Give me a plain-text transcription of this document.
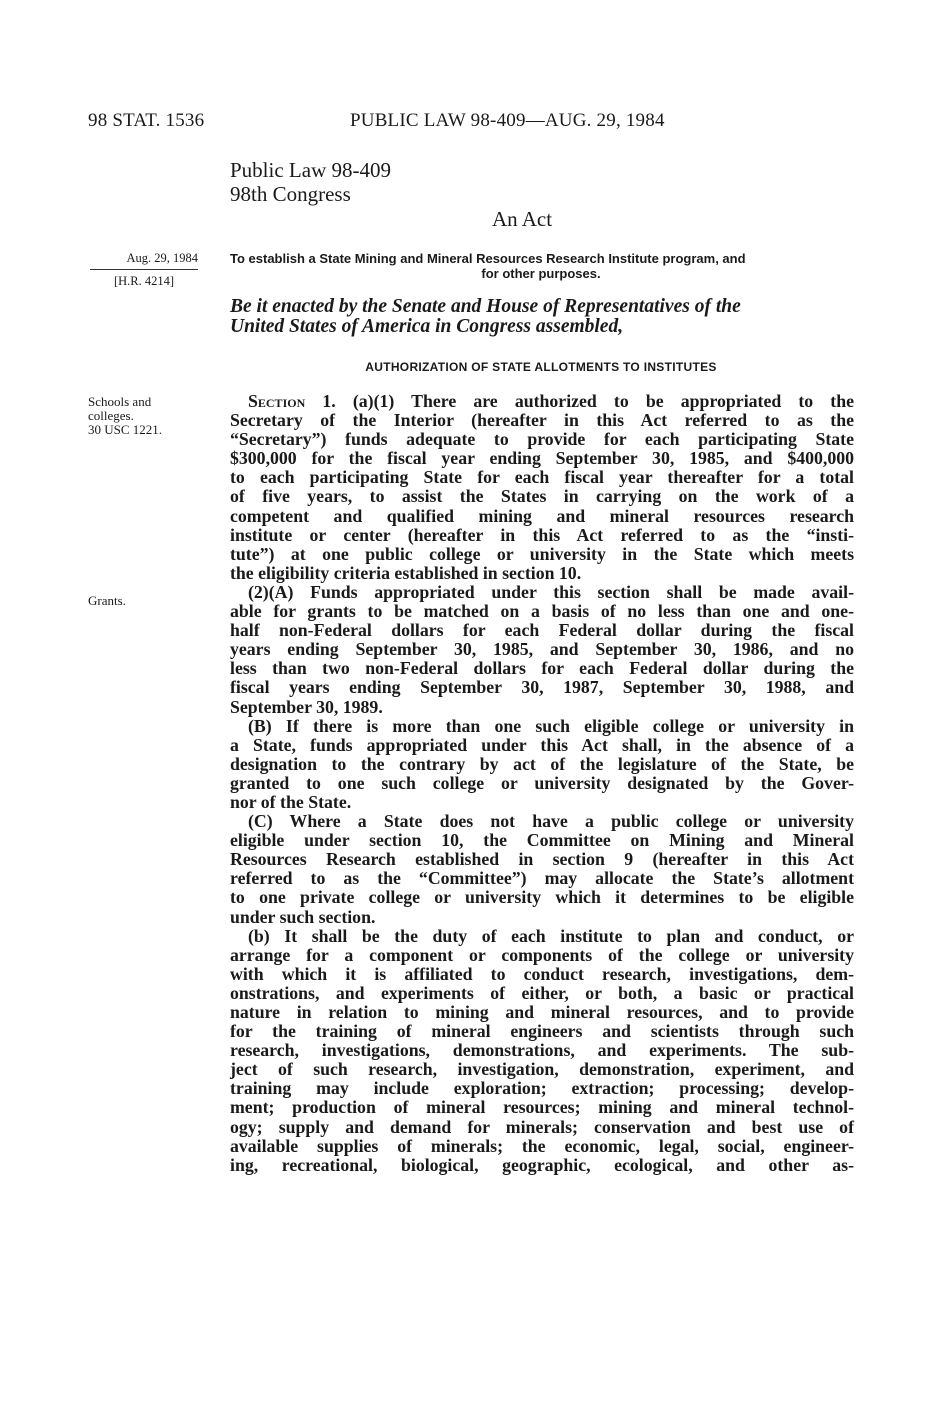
98 STAT. 1536	PUBLIC LAW 98-409—AUG. 29, 1984
Public Law 98-409
98th Congress
An Act
Aug. 29, 1984
[H.R. 4214]
To establish a State Mining and Mineral Resources Research Institute program, and
for other purposes.
Be it enacted by the Senate and House of Representatives of the
United States of America in Congress assembled,
AUTHORIZATION OF STATE ALLOTMENTS TO INSTITUTES
Schools and
colleges.
30 USC 1221.
Grants.
Section 1. (a)(1) There are authorized to be appropriated to the
Secretary of the Interior (hereafter in this Act referred to as the
“Secretary”) funds adequate to provide for each participating State
$300,000 for the fiscal year ending September 30, 1985, and $400,000
to each participating State for each fiscal year thereafter for a total
of five years, to assist the States in carrying on the work of a
competent and qualified mining and mineral resources research
institute or center (hereafter in this Act referred to as the “insti-
tute”) at one public college or university in the State which meets
the eligibility criteria established in section 10.
(2)(A) Funds appropriated under this section shall be made avail-
able for grants to be matched on a basis of no less than one and one-
half non-Federal dollars for each Federal dollar during the fiscal
years ending September 30, 1985, and September 30, 1986, and no
less than two non-Federal dollars for each Federal dollar during the
fiscal years ending September 30, 1987, September 30, 1988, and
September 30, 1989.
(B) If there is more than one such eligible college or university in
a State, funds appropriated under this Act shall, in the absence of a
designation to the contrary by act of the legislature of the State, be
granted to one such college or university designated by the Gover-
nor of the State.
(C) Where a State does not have a public college or university
eligible under section 10, the Committee on Mining and Mineral
Resources Research established in section 9 (hereafter in this Act
referred to as the “Committee”) may allocate the State’s allotment
to one private college or university which it determines to be eligible
under such section.
(b) It shall be the duty of each institute to plan and conduct, or
arrange for a component or components of the college or university
with which it is affiliated to conduct research, investigations, dem-
onstrations, and experiments of either, or both, a basic or practical
nature in relation to mining and mineral resources, and to provide
for the training of mineral engineers and scientists through such
research, investigations, demonstrations, and experiments. The sub-
ject of such research, investigation, demonstration, experiment, and
training may include exploration; extraction; processing; develop-
ment; production of mineral resources; mining and mineral technol-
ogy; supply and demand for minerals; conservation and best use of
available supplies of minerals; the economic, legal, social, engineer-
ing, recreational, biological, geographic, ecological, and other as-
